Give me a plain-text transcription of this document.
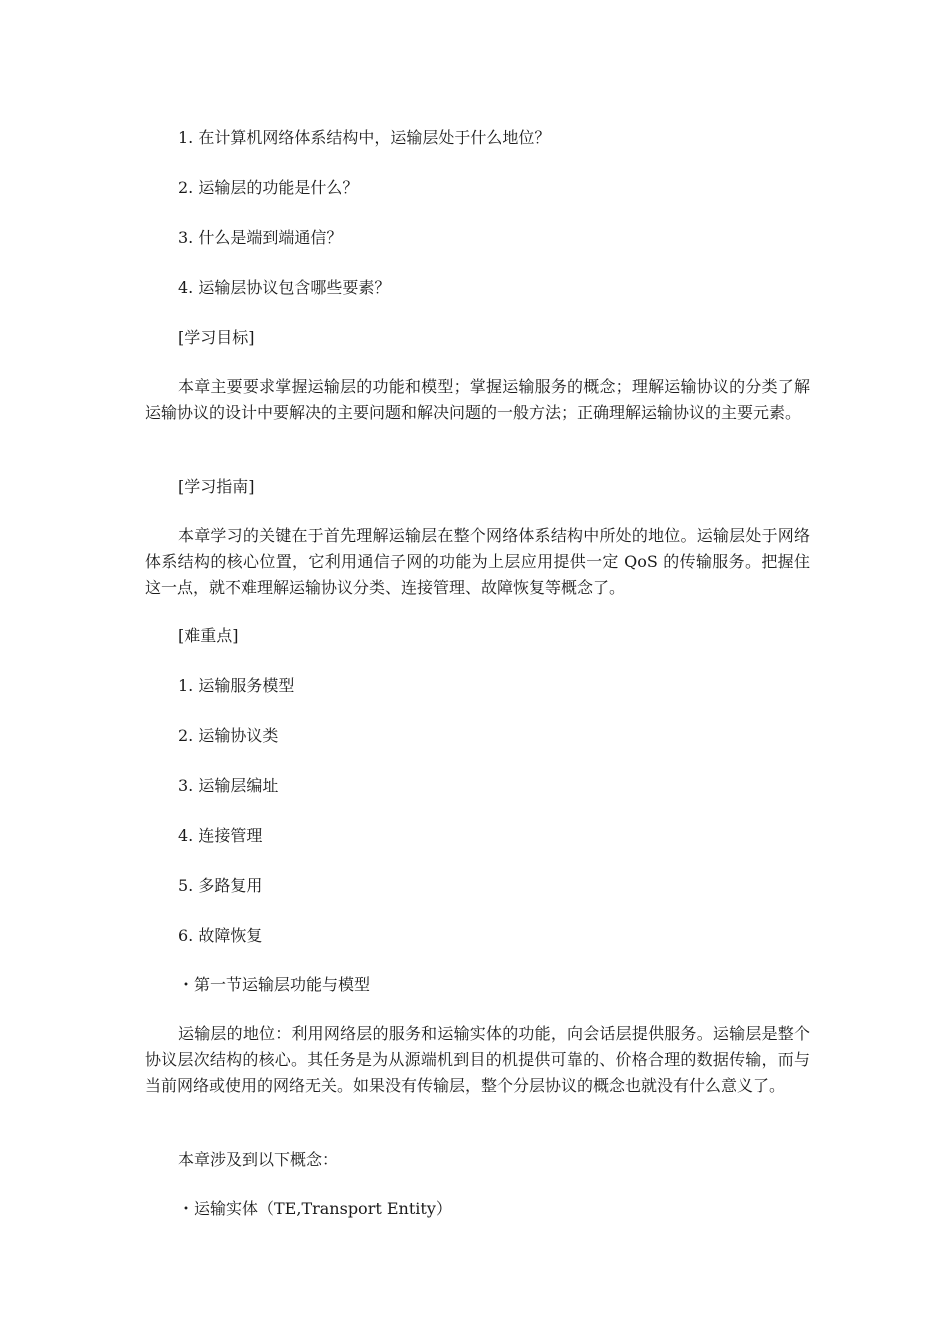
1. 在计算机网络体系结构中，运输层处于什么地位？
2. 运输层的功能是什么？
3. 什么是端到端通信？
4. 运输层协议包含哪些要素？
[学习目标]
本章主要要求掌握运输层的功能和模型；掌握运输服务的概念；理解运输协议的分类了解运输协议的设计中要解决的主要问题和解决问题的一般方法；正确理解运输协议的主要元素。
[学习指南]
本章学习的关键在于首先理解运输层在整个网络体系结构中所处的地位。运输层处于网络体系结构的核心位置，它利用通信子网的功能为上层应用提供一定 QoS 的传输服务。把握住这一点，就不难理解运输协议分类、连接管理、故障恢复等概念了。
[难重点]
1. 运输服务模型
2. 运输协议类
3. 运输层编址
4. 连接管理
5. 多路复用
6. 故障恢复
・第一节运输层功能与模型
运输层的地位：利用网络层的服务和运输实体的功能，向会话层提供服务。运输层是整个协议层次结构的核心。其任务是为从源端机到目的机提供可靠的、价格合理的数据传输，而与当前网络或使用的网络无关。如果没有传输层，整个分层协议的概念也就没有什么意义了。
本章涉及到以下概念：
・运输实体（TE,Transport Entity）
